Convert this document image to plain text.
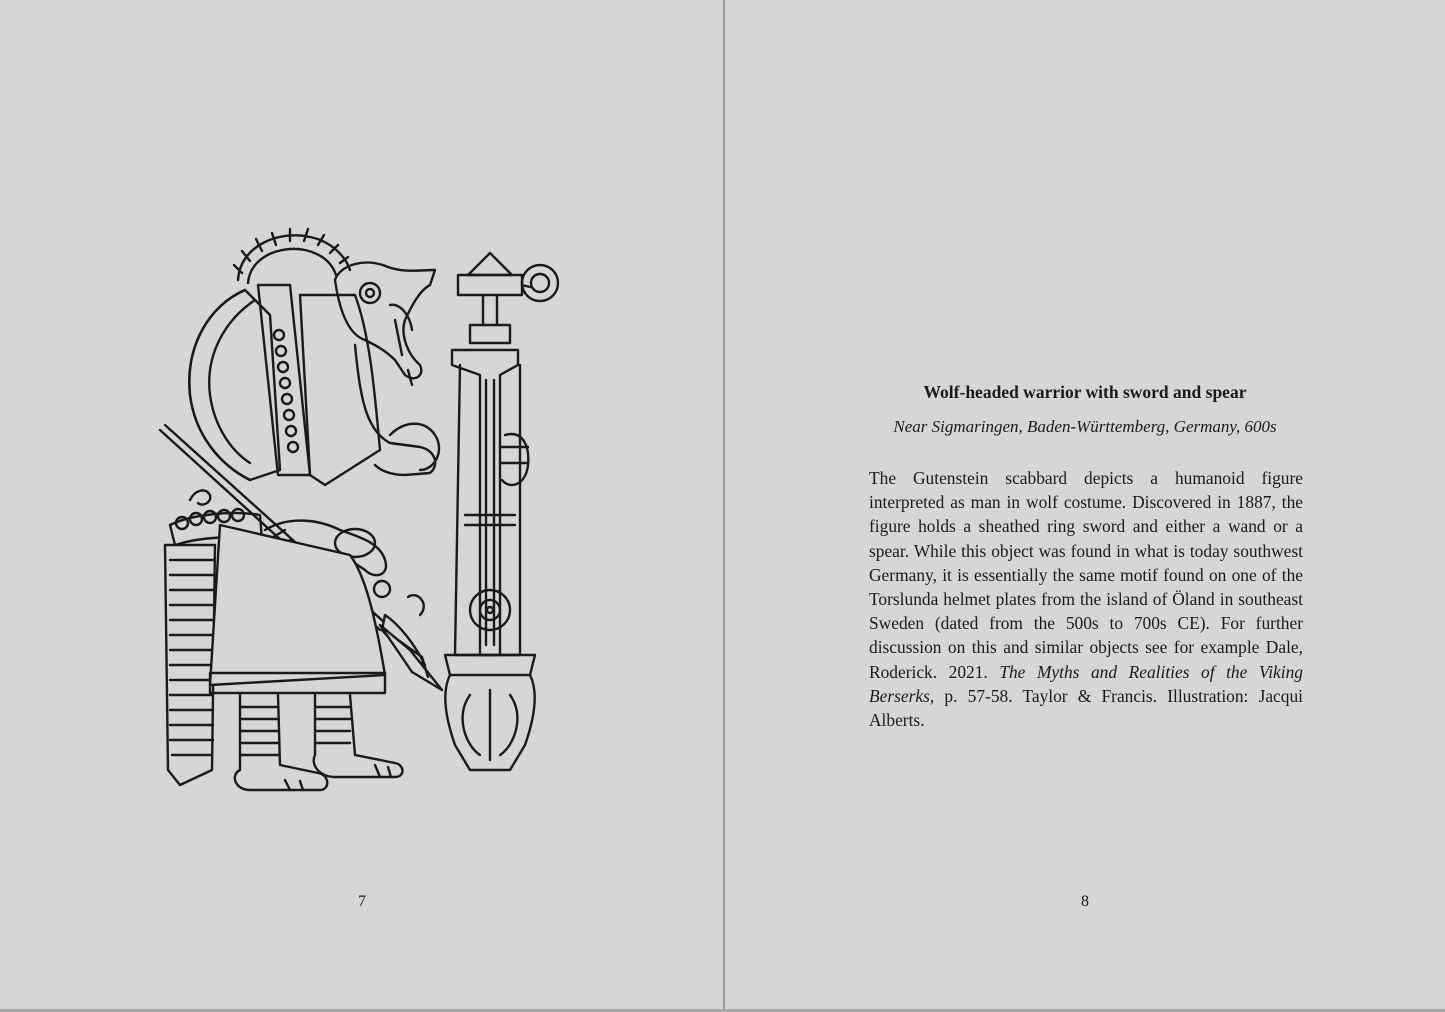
7
Wolf-headed warrior with sword and spear
Near Sigmaringen, Baden-Württemberg, Germany, 600s

The Gutenstein scabbard depicts a humanoid figure interpreted as man in wolf costume. Discovered in 1887, the figure holds a sheathed ring sword and either a wand or a spear. While this object was found in what is today southwest Germany, it is essentially the same motif found on one of the Torslunda helmet plates from the island of Öland in southeast Sweden (dated from the 500s to 700s CE). For further discussion on this and similar objects see for example Dale, Roderick. 2021. The Myths and Realities of the Viking Berserks, p. 57-58. Taylor & Francis. Illustration: Jacqui Alberts.

8
